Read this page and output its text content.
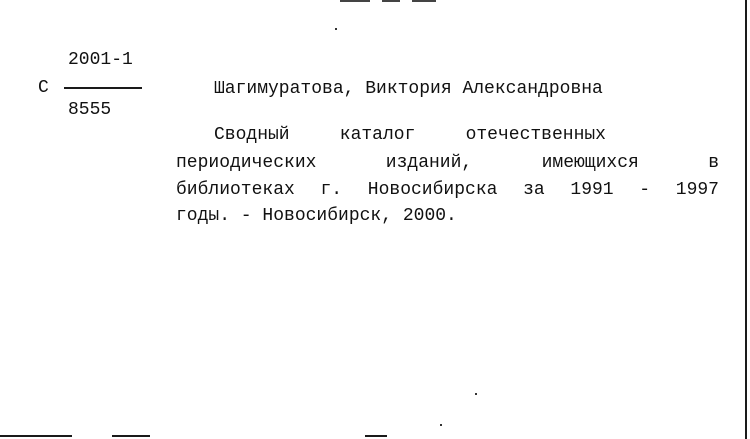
2001-1
С
8555
Шагимуратова, Виктория Александровна
Сводный каталог отечественных
периодических изданий, имеющихся в
библиотеках г. Новосибирска за 1991 - 1997
годы. - Новосибирск, 2000.
